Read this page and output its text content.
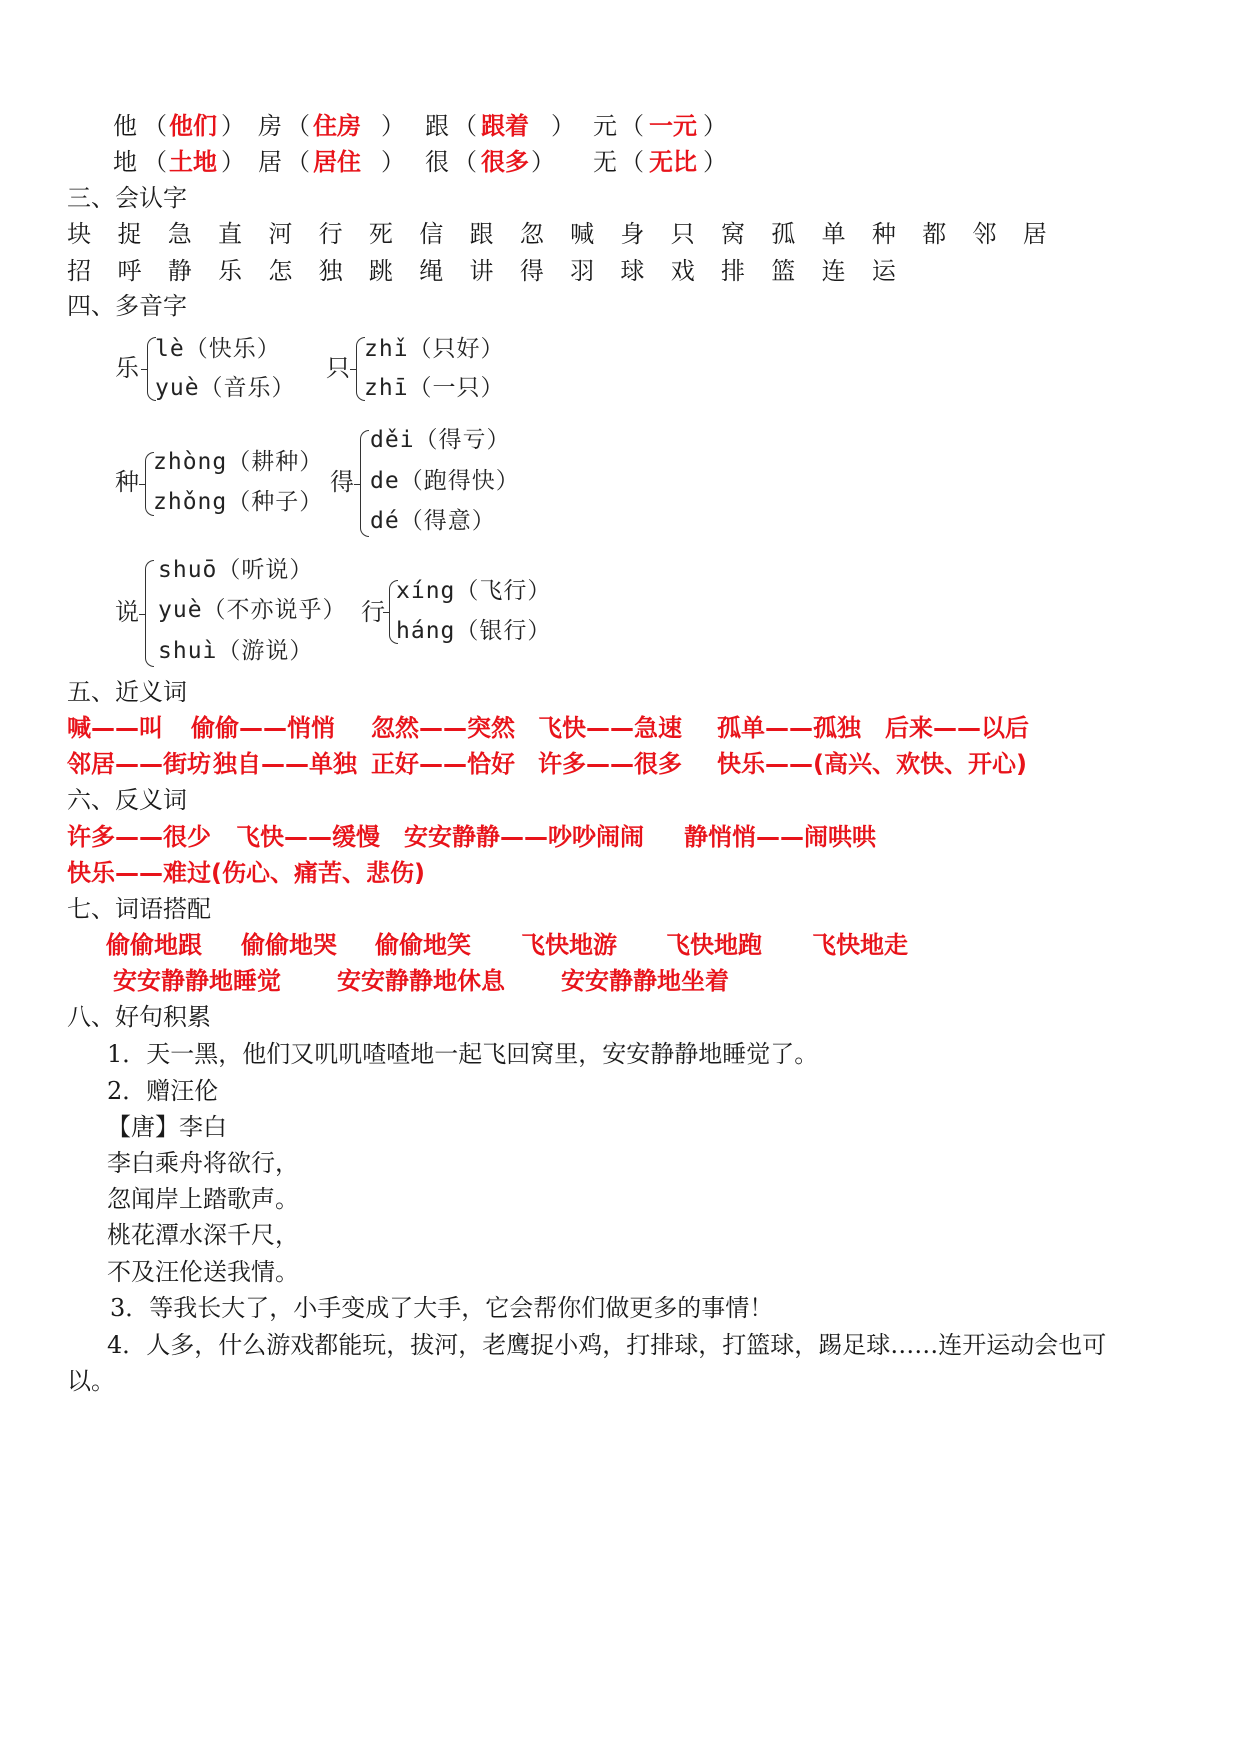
他 （ 他们 ） 房 （ 住房 ） 跟 （ 跟着 ） 元 （ 一元 ）
地 （ 土地 ） 居 （ 居住 ） 很 （ 很多 ） 无 （ 无比 ）
三、会认字
块 捉 急 直 河 行 死 信 跟 忽 喊 身 只 窝 孤 单 种 都 邻 居
招 呼 静 乐 怎 独 跳 绳 讲 得 羽 球 戏 排 篮 连 运
四、多音字
乐
lè（快乐）
yuè（音乐）
只
zhǐ（只好）
zhī（一只）
种
zhòng（耕种）
zhǒng（种子）
得
děi（得亏）
de（跑得快）
dé（得意）
说
shuō（听说）
yuè（不亦说乎）
shuì（游说）
行
xíng（飞行）
háng（银行）
五、近义词
喊——叫 偷偷——悄悄 忽然——突然 飞快——急速 孤单——孤独 后来——以后
邻居——街坊 独自——单独 正好——恰好 许多——很多 快乐——(高兴、欢快、开心)
六、反义词
许多——很少 飞快——缓慢 安安静静——吵吵闹闹 静悄悄——闹哄哄
快乐——难过(伤心、痛苦、悲伤)
七、词语搭配
偷偷地跟 偷偷地哭 偷偷地笑 飞快地游 飞快地跑 飞快地走
安安静静地睡觉 安安静静地休息 安安静静地坐着
八、好句积累
1．天一黑，他们又叽叽喳喳地一起飞回窝里，安安静静地睡觉了。
2．赠汪伦
【唐】李白
李白乘舟将欲行，
忽闻岸上踏歌声。
桃花潭水深千尺，
不及汪伦送我情。
3．等我长大了，小手变成了大手，它会帮你们做更多的事情！
4．人多，什么游戏都能玩，拔河，老鹰捉小鸡，打排球，打篮球，踢足球……连开运动会也可
以。
